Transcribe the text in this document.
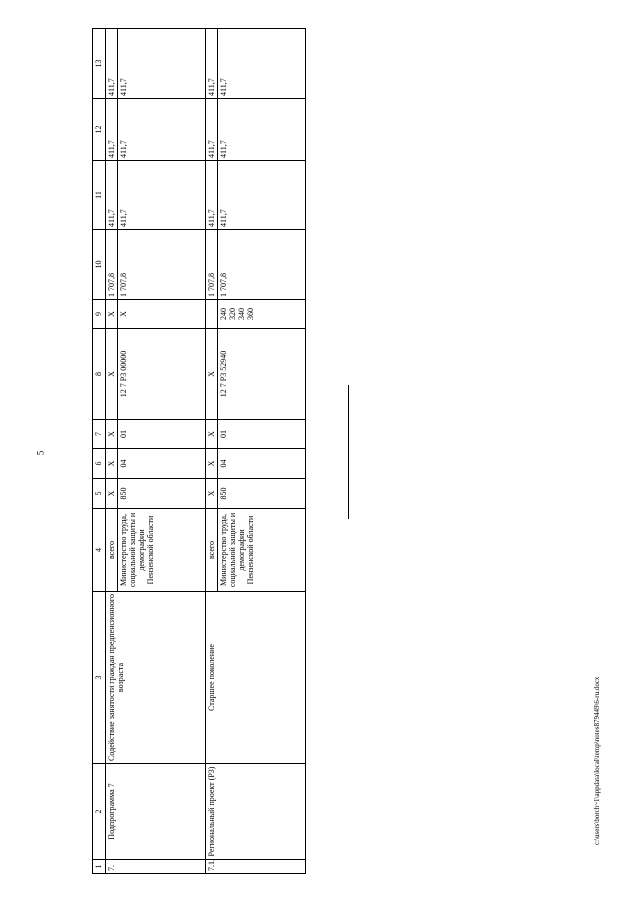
5
c:\users\borch~1\appdata\local\temp\notes879449\6-ru.docx
1	2	3	4	5	6	7	8	9	10	11	12	13
7.	Подпрограмма 7	Содействие занятости граждан предпенсионного возраста	всего	X	X	X	X	X	1 707,8	411,7	411,7	411,7
			Министерство труда, социальной защиты и демографии Пензенской области	850	04	01	12 7 P3 00000	X	1 707,8	411,7	411,7	411,7
7.1.	Региональный проект (P3)	Старшее поколение	всего	X	X	X	X		1 707,8	411,7	411,7	411,7
			Министерство труда, социальной защиты и демографии Пензенской области	850	04	01	12 7 P3 52940	240
320
340
360	1 707,8	411,7	411,7	411,7
